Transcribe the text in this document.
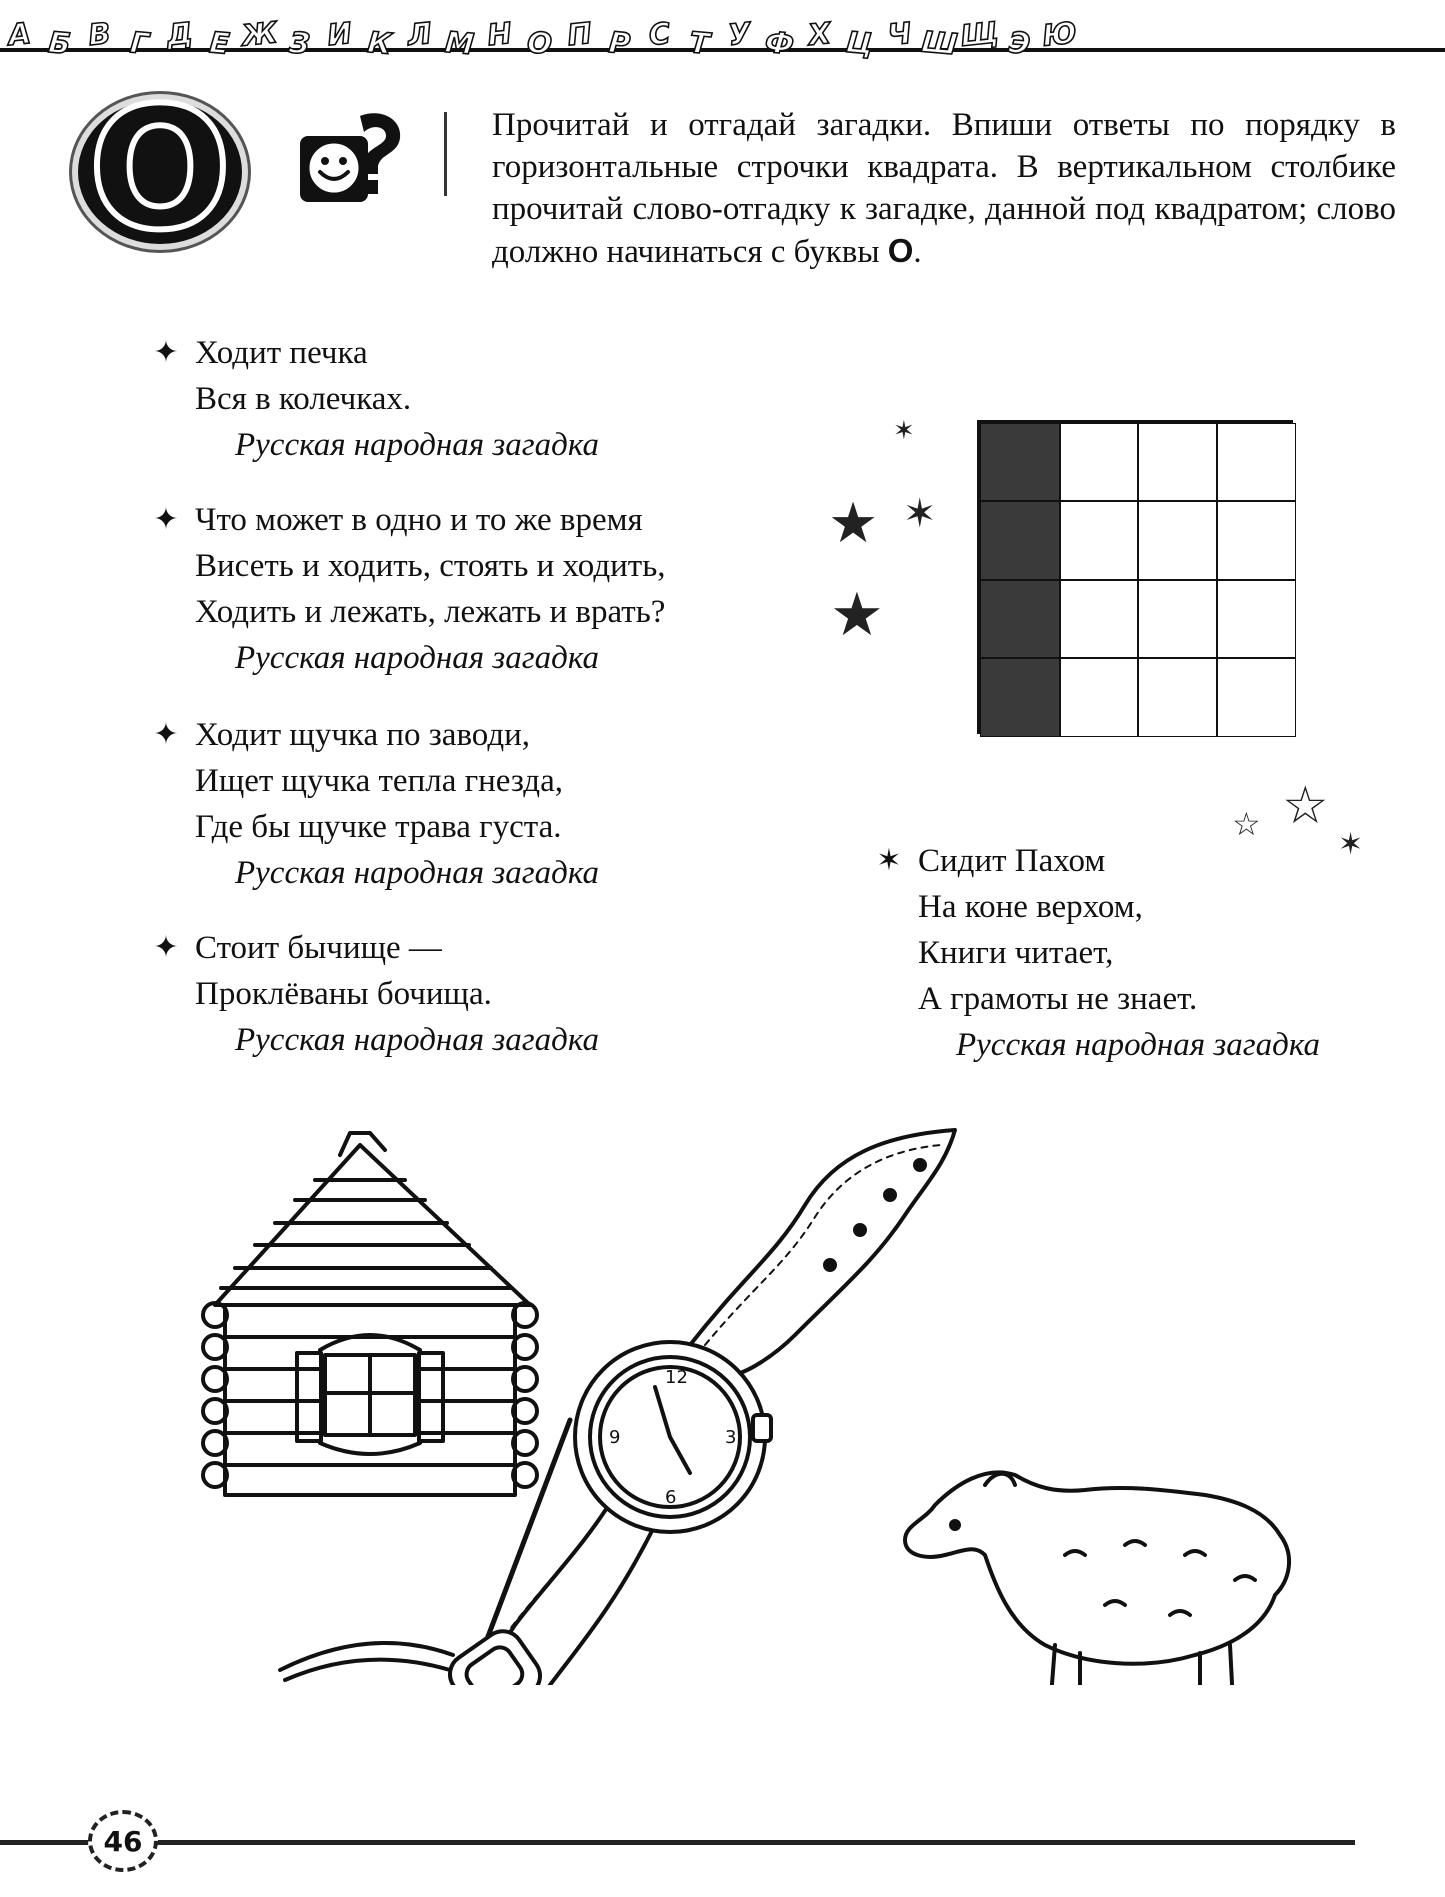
А Б В Г Д Е Ж З И К Л М Н О П Р С Т У Ф Х Ц Ч Ш Щ Э Ю
О	Прочитай и отгадай загадки. Впиши ответы по порядку в горизонтальные строчки квадрата. В вертикальном столбике прочитай слово-отгадку к загадке, данной под квадратом; слово должно начинаться с буквы О.
✦ Ходит печка
Вся в колечках.
Русская народная загадка
✦ Что может в одно и то же время
Висеть и ходить, стоять и ходить,
Ходить и лежать, лежать и врать?
Русская народная загадка
✦ Ходит щучка по заводи,
Ищет щучка тепла гнезда,
Где бы щучке трава густа.
Русская народная загадка
✦ Стоит бычище —
Проклёваны бочища.
Русская народная загадка
✶ Сидит Пахом
На коне верхом,
Книги читает,
А грамоты не знает.
Русская народная загадка
✶
★ ✶
★
☆ ☆
✶
12
3
6
9
46
